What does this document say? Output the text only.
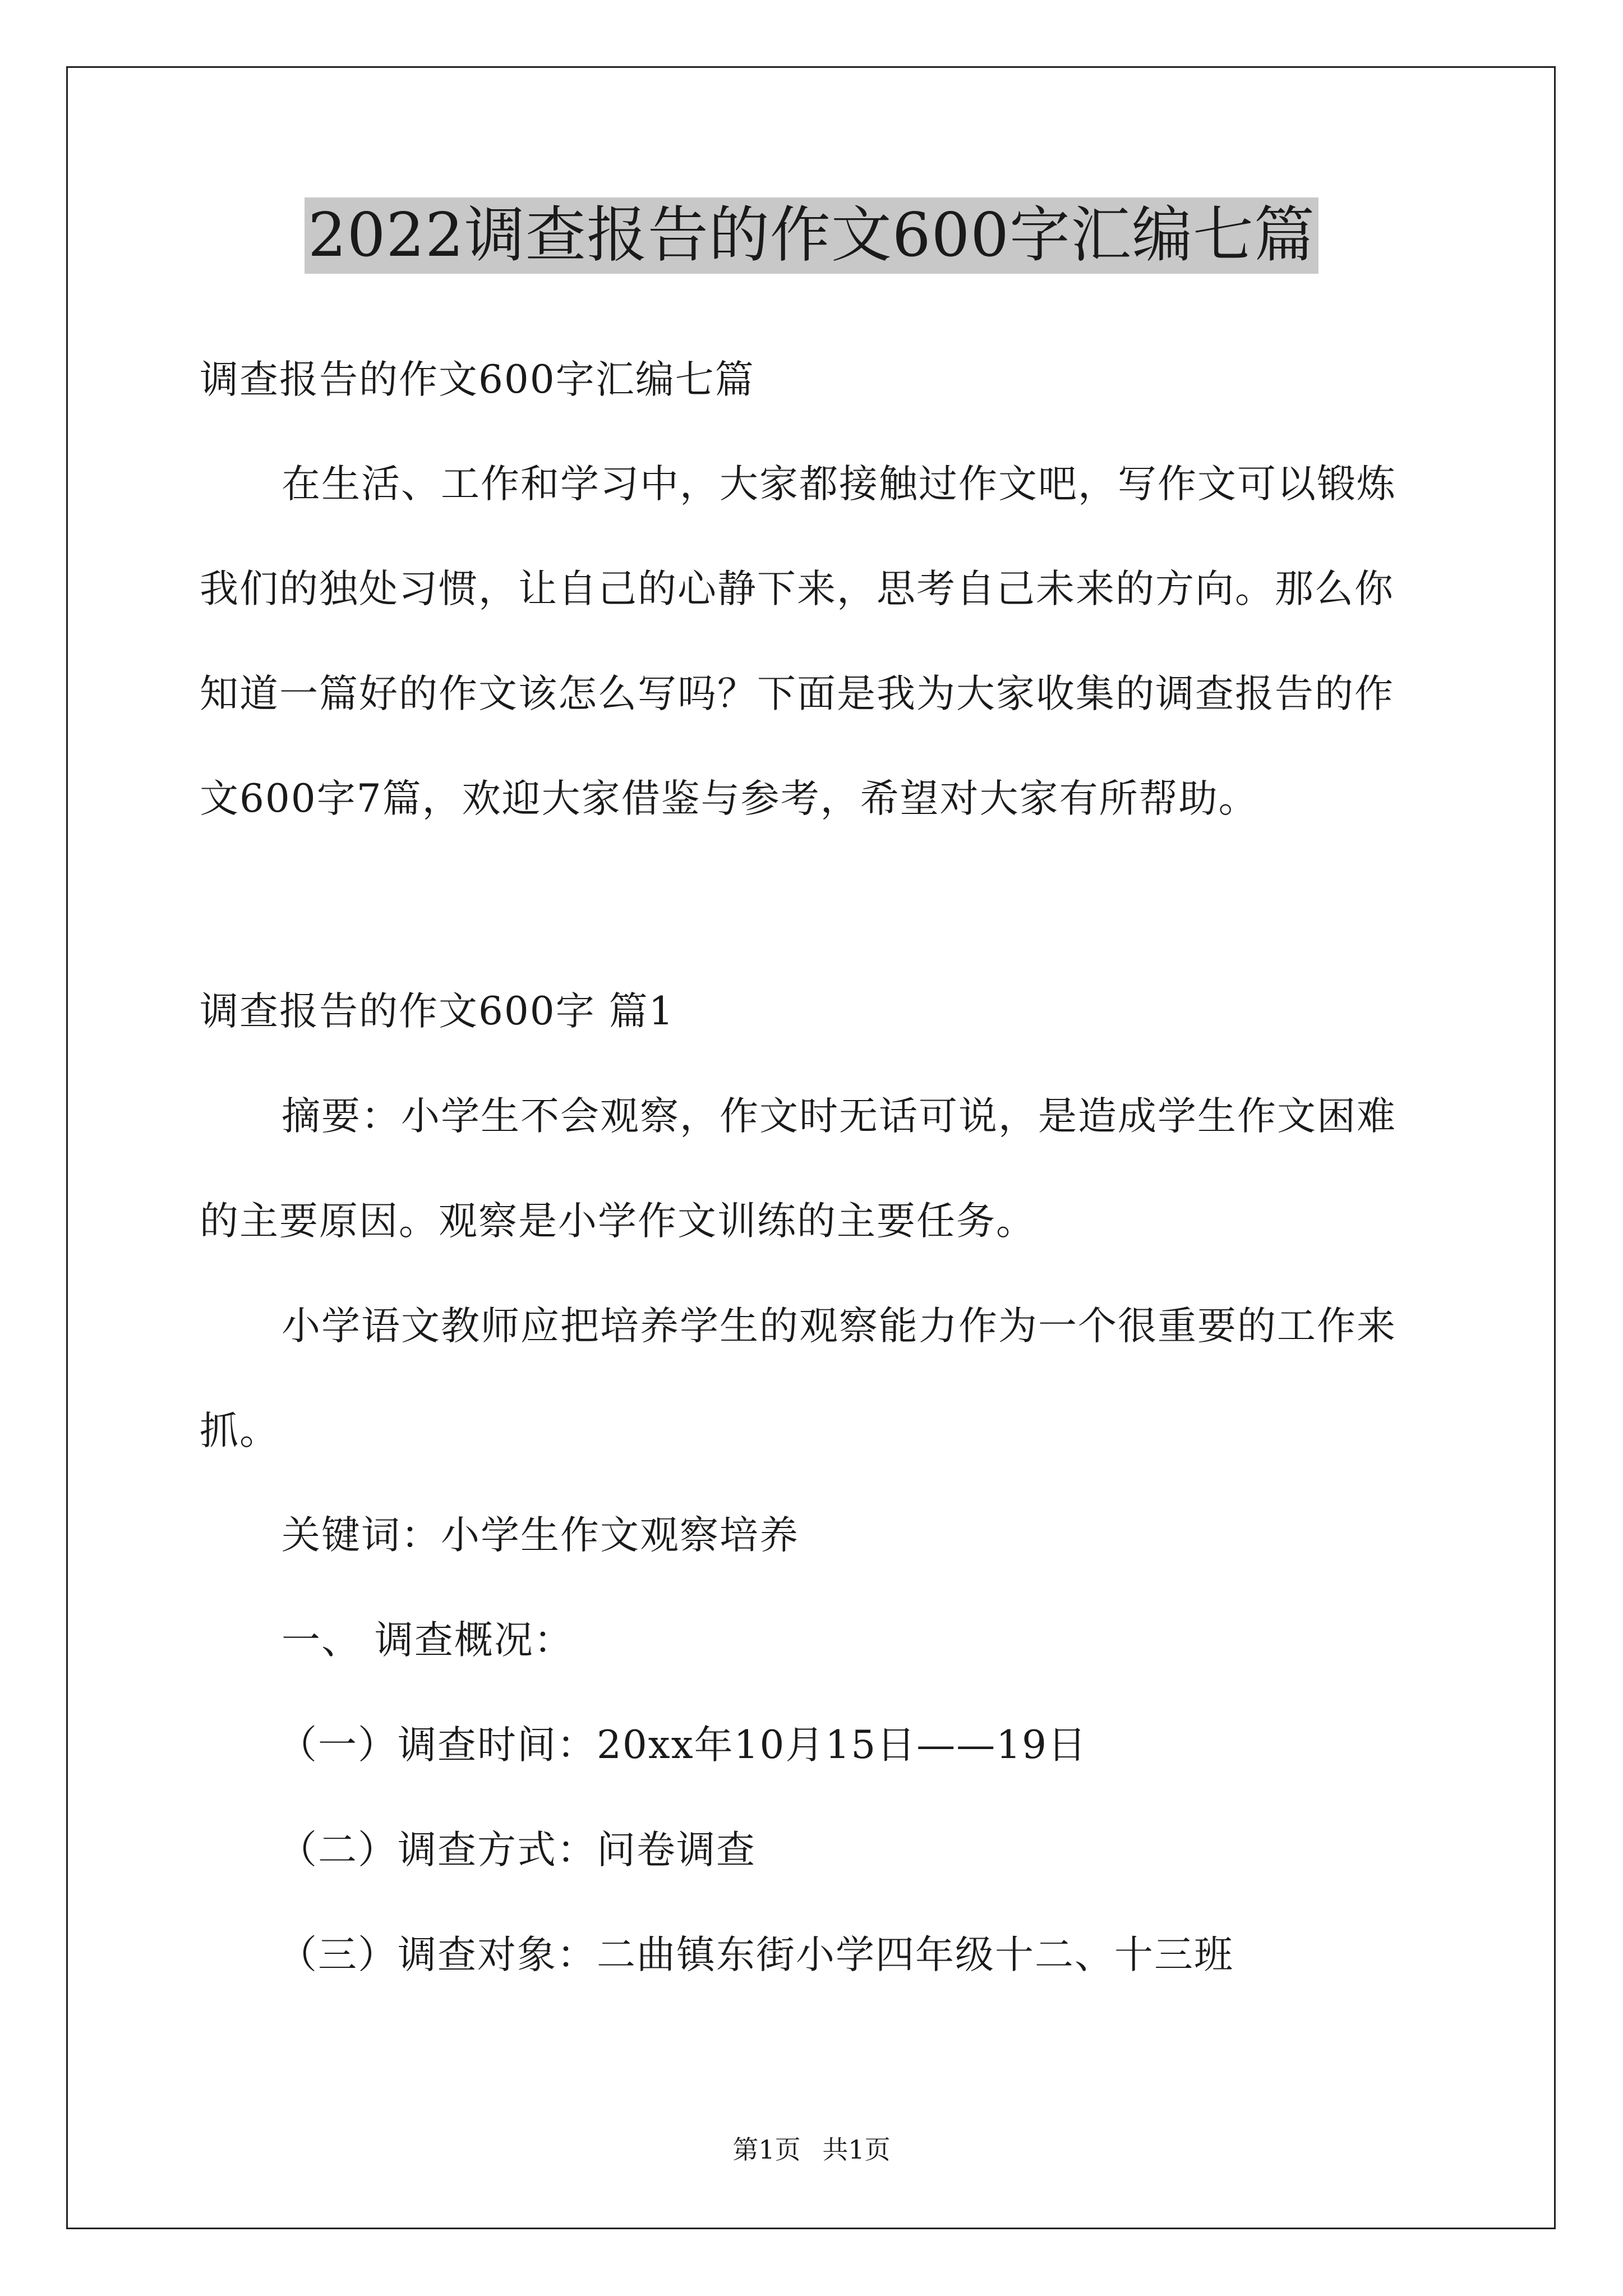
2022调查报告的作文600字汇编七篇
调查报告的作文600字汇编七篇
在生活、工作和学习中，大家都接触过作文吧，写作文可以锻炼
我们的独处习惯，让自己的心静下来，思考自己未来的方向。那么你
知道一篇好的作文该怎么写吗？下面是我为大家收集的调查报告的作
文600字7篇，欢迎大家借鉴与参考，希望对大家有所帮助。
调查报告的作文600字 篇1
摘要：小学生不会观察，作文时无话可说，是造成学生作文困难
的主要原因。观察是小学作文训练的主要任务。
小学语文教师应把培养学生的观察能力作为一个很重要的工作来
抓。
关键词：小学生作文观察培养
一、 调查概况：
（一）调查时间：20xx年10月15日——19日
（二）调查方式：问卷调查
（三）调查对象：二曲镇东街小学四年级十二、十三班
第1页 共1页
